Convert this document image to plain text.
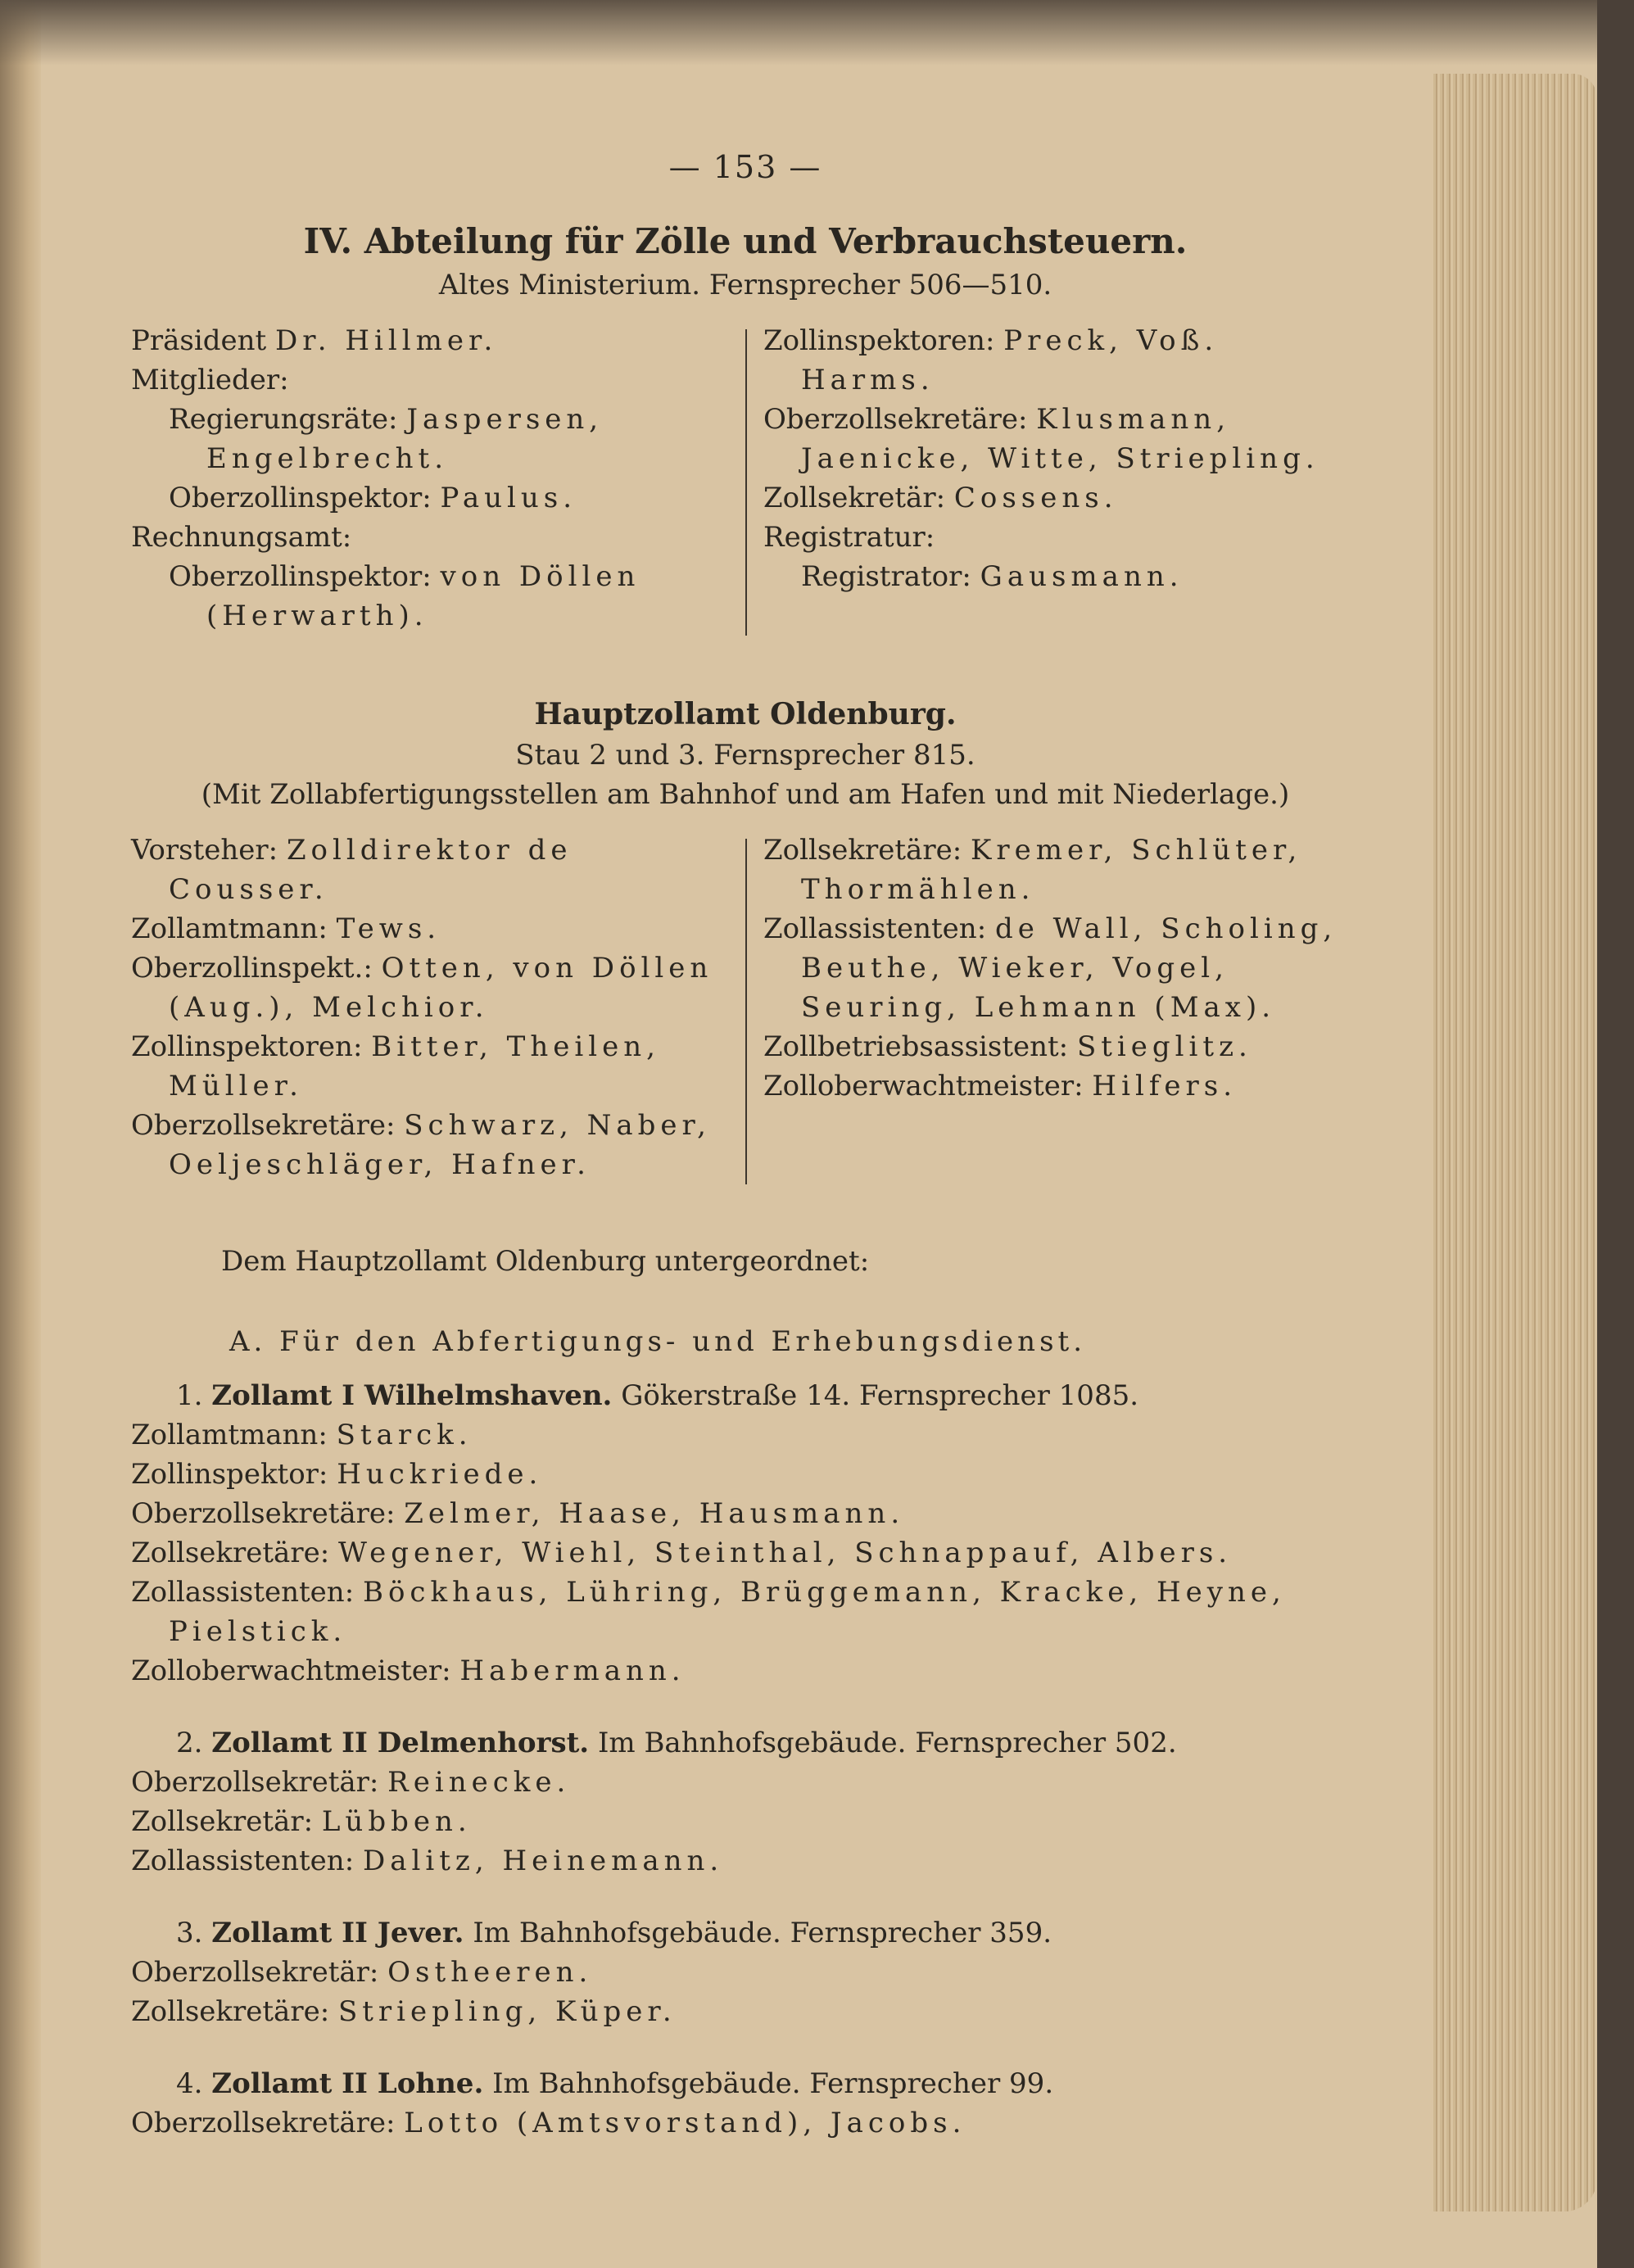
— 153 —
IV. Abteilung für Zölle und Verbrauchsteuern.
Altes Ministerium. Fernsprecher 506—510.
Präsident Dr. Hillmer.
Mitglieder:
Regierungsräte: Jaspersen, Engelbrecht.
Oberzollinspektor: Paulus.
Rechnungsamt:
Oberzollinspektor: von Döllen (Herwarth).
Zollinspektoren: Preck, Voß. Harms.
Oberzollsekretäre: Klusmann, Jaenicke, Witte, Striepling.
Zollsekretär: Cossens.
Registratur:
Registrator: Gausmann.
Hauptzollamt Oldenburg.
Stau 2 und 3. Fernsprecher 815.
(Mit Zollabfertigungsstellen am Bahnhof und am Hafen und mit Niederlage.)
Vorsteher: Zolldirektor de Cousser.
Zollamtmann: Tews.
Oberzollinspekt.: Otten, von Döllen (Aug.), Melchior.
Zollinspektoren: Bitter, Theilen, Müller.
Oberzollsekretäre: Schwarz, Naber, Oeljeschläger, Hafner.
Zollsekretäre: Kremer, Schlüter, Thormählen.
Zollassistenten: de Wall, Scholing, Beuthe, Wieker, Vogel, Seuring, Lehmann (Max).
Zollbetriebsassistent: Stieglitz.
Zolloberwachtmeister: Hilfers.
Dem Hauptzollamt Oldenburg untergeordnet:
A. Für den Abfertigungs- und Erhebungsdienst.
1. Zollamt I Wilhelmshaven. Gökerstraße 14. Fernsprecher 1085.
Zollamtmann: Starck.
Zollinspektor: Huckriede.
Oberzollsekretäre: Zelmer, Haase, Hausmann.
Zollsekretäre: Wegener, Wiehl, Steinthal, Schnappauf, Albers.
Zollassistenten: Böckhaus, Lühring, Brüggemann, Kracke, Heyne, Pielstick.
Zolloberwachtmeister: Habermann.
2. Zollamt II Delmenhorst. Im Bahnhofsgebäude. Fernsprecher 502.
Oberzollsekretär: Reinecke.
Zollsekretär: Lübben.
Zollassistenten: Dalitz, Heinemann.
3. Zollamt II Jever. Im Bahnhofsgebäude. Fernsprecher 359.
Oberzollsekretär: Ostheeren.
Zollsekretäre: Striepling, Küper.
4. Zollamt II Lohne. Im Bahnhofsgebäude. Fernsprecher 99.
Oberzollsekretäre: Lotto (Amtsvorstand), Jacobs.
